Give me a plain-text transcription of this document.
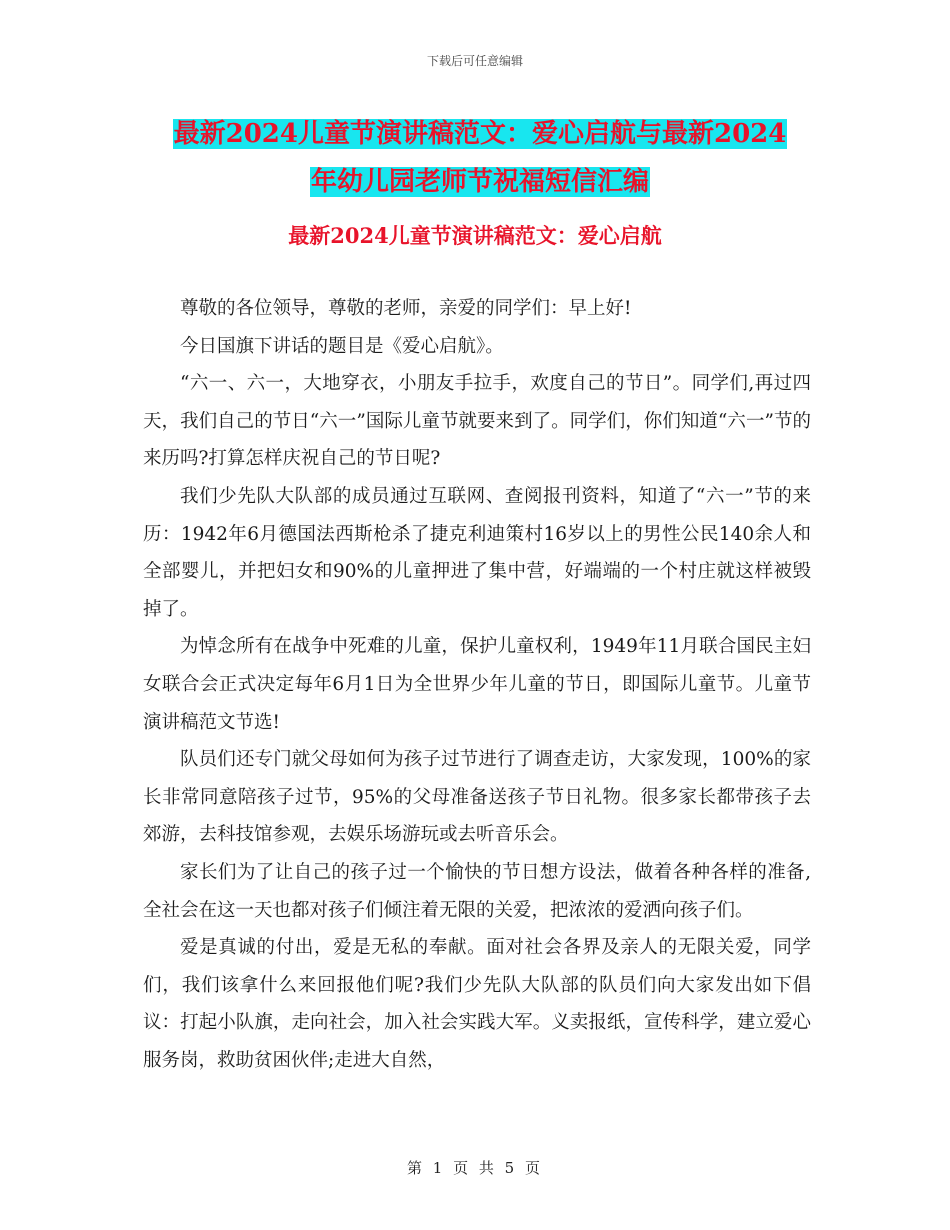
下载后可任意编辑
最新2024儿童节演讲稿范文：爱心启航与最新2024
年幼儿园老师节祝福短信汇编
最新2024儿童节演讲稿范文：爱心启航

尊敬的各位领导，尊敬的老师，亲爱的同学们：早上好!

今日国旗下讲话的题目是《爱心启航》。

“六一、六一，大地穿衣，小朋友手拉手，欢度自己的节日”。同学们,再过四天，我们自己的节日“六一”国际儿童节就要来到了。同学们，你们知道“六一”节的来历吗?打算怎样庆祝自己的节日呢?

我们少先队大队部的成员通过互联网、查阅报刊资料，知道了“六一”节的来历：1942年6月德国法西斯枪杀了捷克利迪策村16岁以上的男性公民140余人和全部婴儿，并把妇女和90%的儿童押进了集中营，好端端的一个村庄就这样被毁掉了。

为悼念所有在战争中死难的儿童，保护儿童权利，1949年11月联合国民主妇女联合会正式决定每年6月1日为全世界少年儿童的节日，即国际儿童节。儿童节演讲稿范文节选!

队员们还专门就父母如何为孩子过节进行了调查走访，大家发现，100%的家长非常同意陪孩子过节，95%的父母准备送孩子节日礼物。很多家长都带孩子去郊游，去科技馆参观，去娱乐场游玩或去听音乐会。

家长们为了让自己的孩子过一个愉快的节日想方设法，做着各种各样的准备,全社会在这一天也都对孩子们倾注着无限的关爱，把浓浓的爱洒向孩子们。

爱是真诚的付出，爱是无私的奉献。面对社会各界及亲人的无限关爱，同学们，我们该拿什么来回报他们呢?我们少先队大队部的队员们向大家发出如下倡议：打起小队旗，走向社会，加入社会实践大军。义卖报纸，宣传科学，建立爱心服务岗，救助贫困伙伴;走进大自然，

第 1 页 共 5 页
